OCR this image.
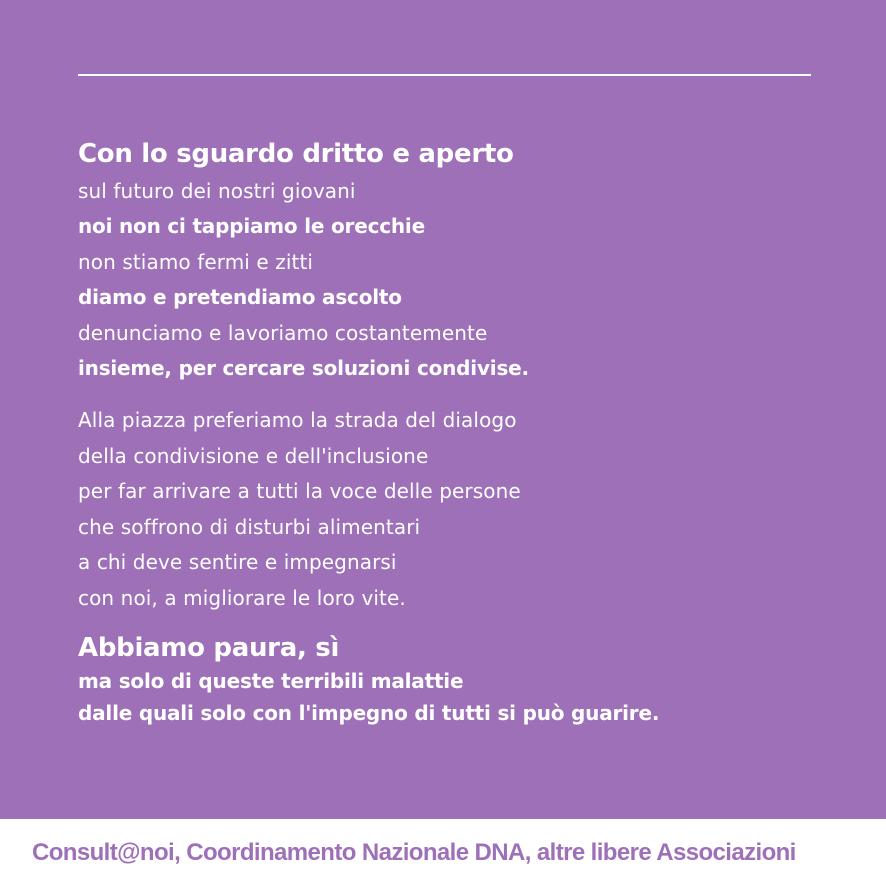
Con lo sguardo dritto e aperto
sul futuro dei nostri giovani
noi non ci tappiamo le orecchie
non stiamo fermi e zitti
diamo e pretendiamo ascolto
denunciamo e lavoriamo costantemente
insieme, per cercare soluzioni condivise.
Alla piazza preferiamo la strada del dialogo
della condivisione e dell'inclusione
per far arrivare a tutti la voce delle persone
che soffrono di disturbi alimentari
a chi deve sentire e impegnarsi
con noi, a migliorare le loro vite.
Abbiamo paura, sì
ma solo di queste terribili malattie
dalle quali solo con l'impegno di tutti si può guarire.
Consult@noi, Coordinamento Nazionale DNA, altre libere Associazioni
